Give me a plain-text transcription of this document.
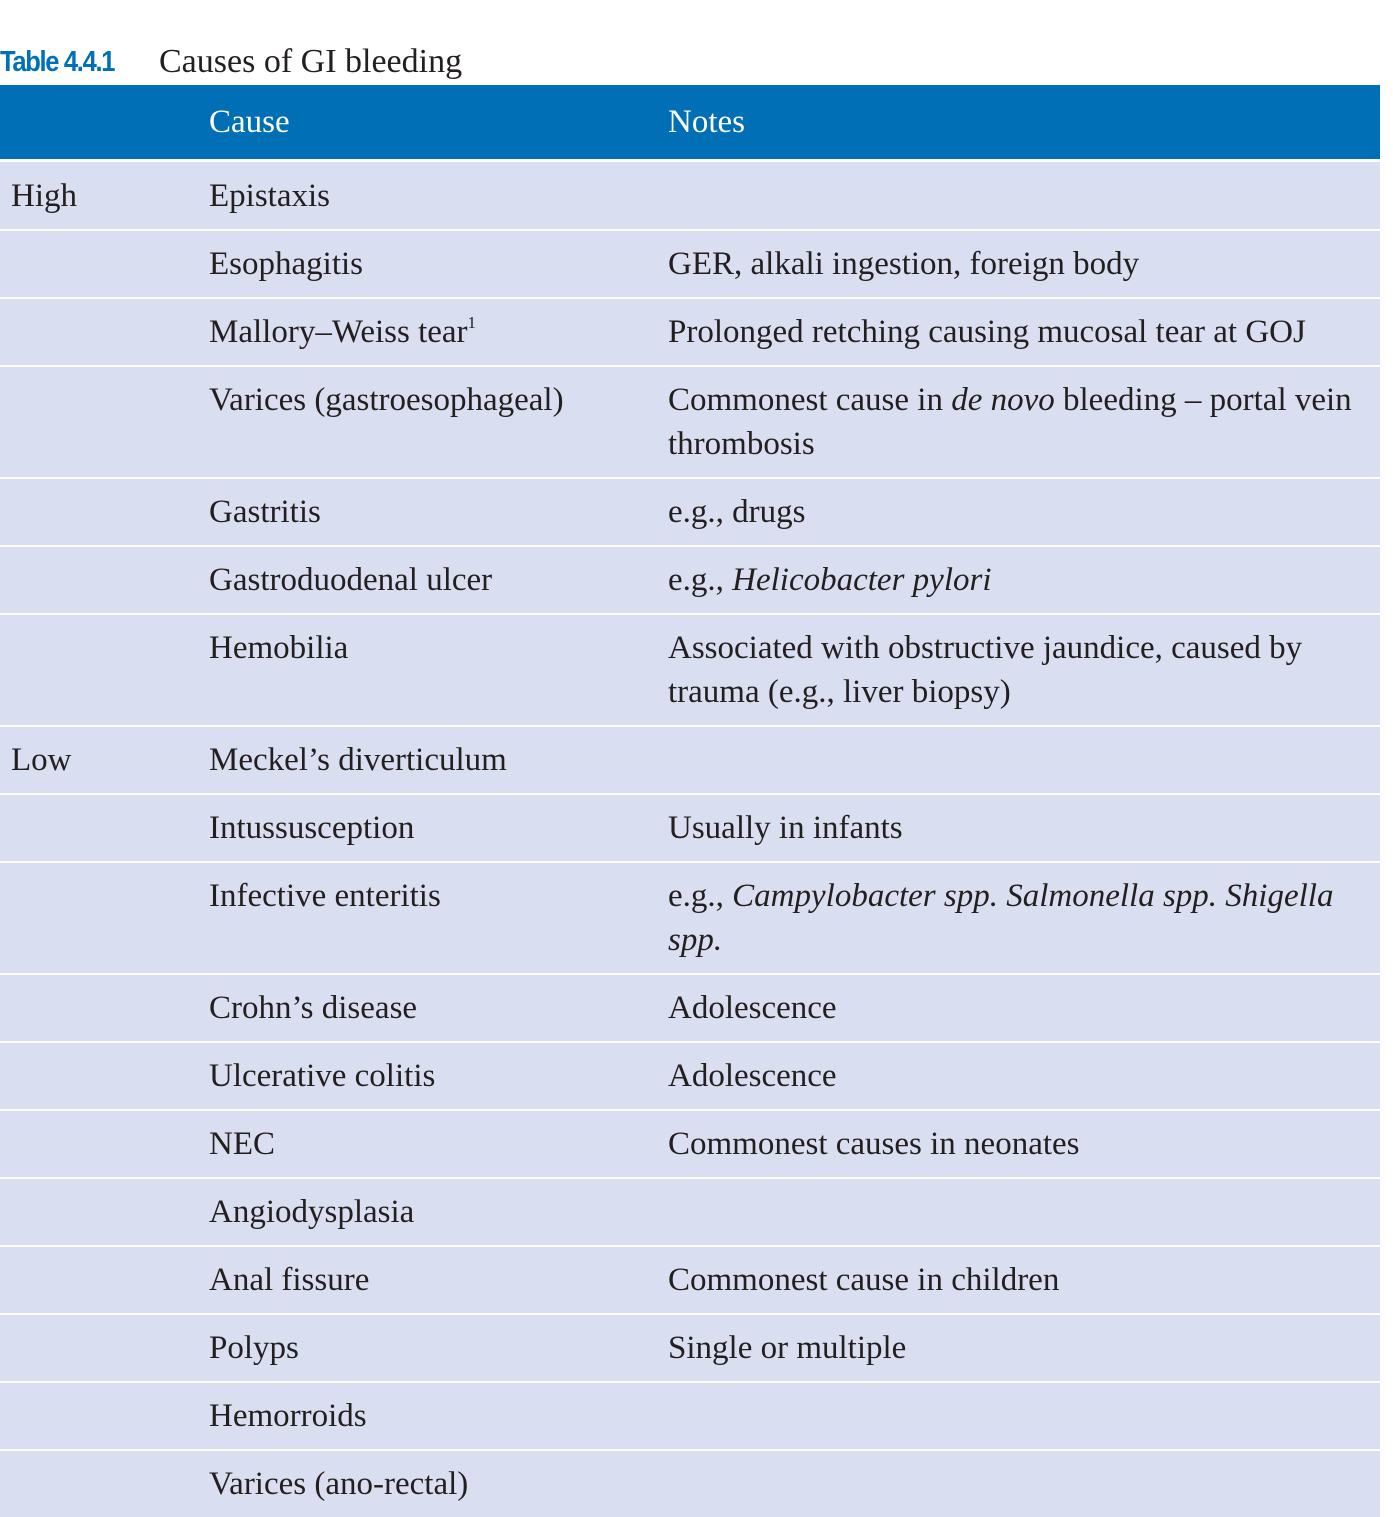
Table 4.4.1 Causes of GI bleeding
	Cause	Notes
High	Epistaxis	
	Esophagitis	GER, alkali ingestion, foreign body
	Mallory–Weiss tear$^1$	Prolonged retching causing mucosal tear at GOJ
	Varices (gastroesophageal)	Commonest cause in de novo bleeding – portal vein thrombosis
	Gastritis	e.g., drugs
	Gastroduodenal ulcer	e.g., Helicobacter pylori
	Hemobilia	Associated with obstructive jaundice, caused by trauma (e.g., liver biopsy)
Low	Meckel’s diverticulum	
	Intussusception	Usually in infants
	Infective enteritis	e.g., Campylobacter spp. Salmonella spp. Shigella spp.
	Crohn’s disease	Adolescence
	Ulcerative colitis	Adolescence
	NEC	Commonest causes in neonates
	Angiodysplasia	
	Anal fissure	Commonest cause in children
	Polyps	Single or multiple
	Hemorroids	
	Varices (ano-rectal)	
